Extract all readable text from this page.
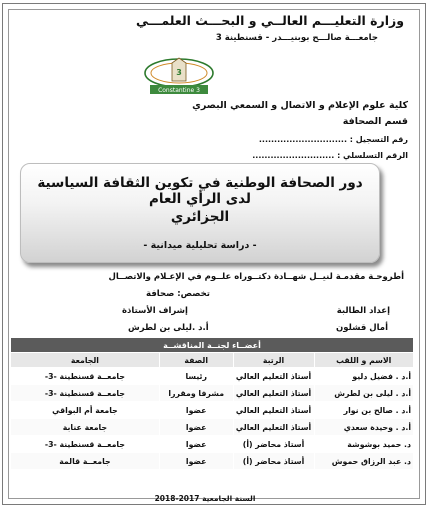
وزارة التعليـــم العالــي و البحـــث العلمـــي
جامعـــة صالـــح بوبنيـــدر - قسنطينة 3
3
Constantine 3
كلية علوم الإعلام و الاتصال و السمعي البصري
قسم الصحافة
رقم التسجيل : .............................
الرقم التسلسلي : ...........................
دور الصحافة الوطنية في تكوين الثقافة السياسية لدى الرأي العام
الجزائري
- دراسة تحليلية ميدانية -
أطروحـة مقدمـة لنيــل شهــادة دكتــوراه علــوم في الإعـلام والاتصــال
تخصص: صحافة
إعداد الطالبة
إشراف الأستاذة
أمال قشلون
أ.د .ليلى بن لطرش
أعضــاء لجنــة المناقشــة			
الاسم و اللقب	الرتبة	الصفة	الجامعة
أ.د . فضيل دليو	أستاذ التعليم العالي	رئيسا	جامعــة قسنطينة -3-
أ.د . ليلى بن لطرش	أستاذ التعليم العالي	مشرفا ومقررا	جامعــة قسنطينة -3-
أ.د . صالح بن نوار	أستاذ التعليم العالي	عضوا	جامعة أم البواقي
أ.د . وحيدة سعدي	أستاذ التعليم العالي	عضوا	جامعة عنابة
د. حميد بوشوشة	أستاذ محاضر (أ)	عضوا	جامعــة قسنطينة -3-
د. عبد الرزاق حموش	أستاذ محاضر (أ)	عضوا	جامعــة قالمة
السنة الجامعية 2017-2018
